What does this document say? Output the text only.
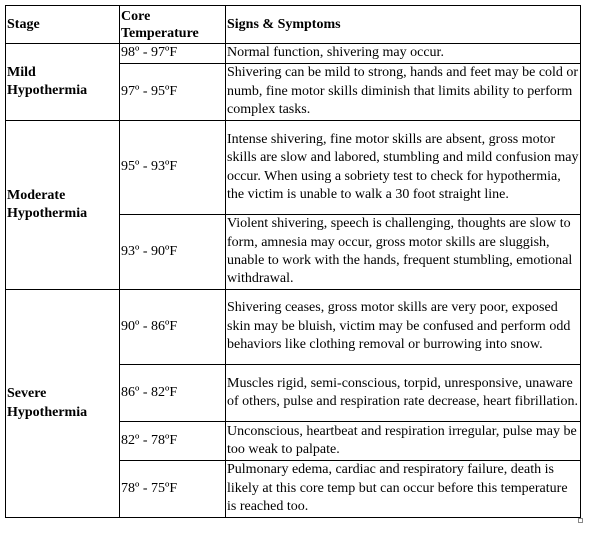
Stage	Core Temperature	Signs & Symptoms
Mild Hypothermia	98º - 97ºF	Normal function, shivering may occur.
	97º - 95ºF	Shivering can be mild to strong, hands and feet may be cold or numb, fine motor skills diminish that limits ability to perform complex tasks.
Moderate Hypothermia	95º - 93ºF	Intense shivering, fine motor skills are absent, gross motor skills are slow and labored, stumbling and mild confusion may occur. When using a sobriety test to check for hypothermia, the victim is unable to walk a 30 foot straight line.
	93º - 90ºF	Violent shivering, speech is challenging, thoughts are slow to form, amnesia may occur, gross motor skills are sluggish, unable to work with the hands, frequent stumbling, emotional withdrawal.
Severe Hypothermia	90º - 86ºF	Shivering ceases, gross motor skills are very poor, exposed skin may be bluish, victim may be confused and perform odd behaviors like clothing removal or burrowing into snow.
	86º - 82ºF	Muscles rigid, semi-conscious, torpid, unresponsive, unaware of others, pulse and respiration rate decrease, heart fibrillation.
	82º - 78ºF	Unconscious, heartbeat and respiration irregular, pulse may be too weak to palpate.
	78º - 75ºF	Pulmonary edema, cardiac and respiratory failure, death is likely at this core temp but can occur before this temperature is reached too.
